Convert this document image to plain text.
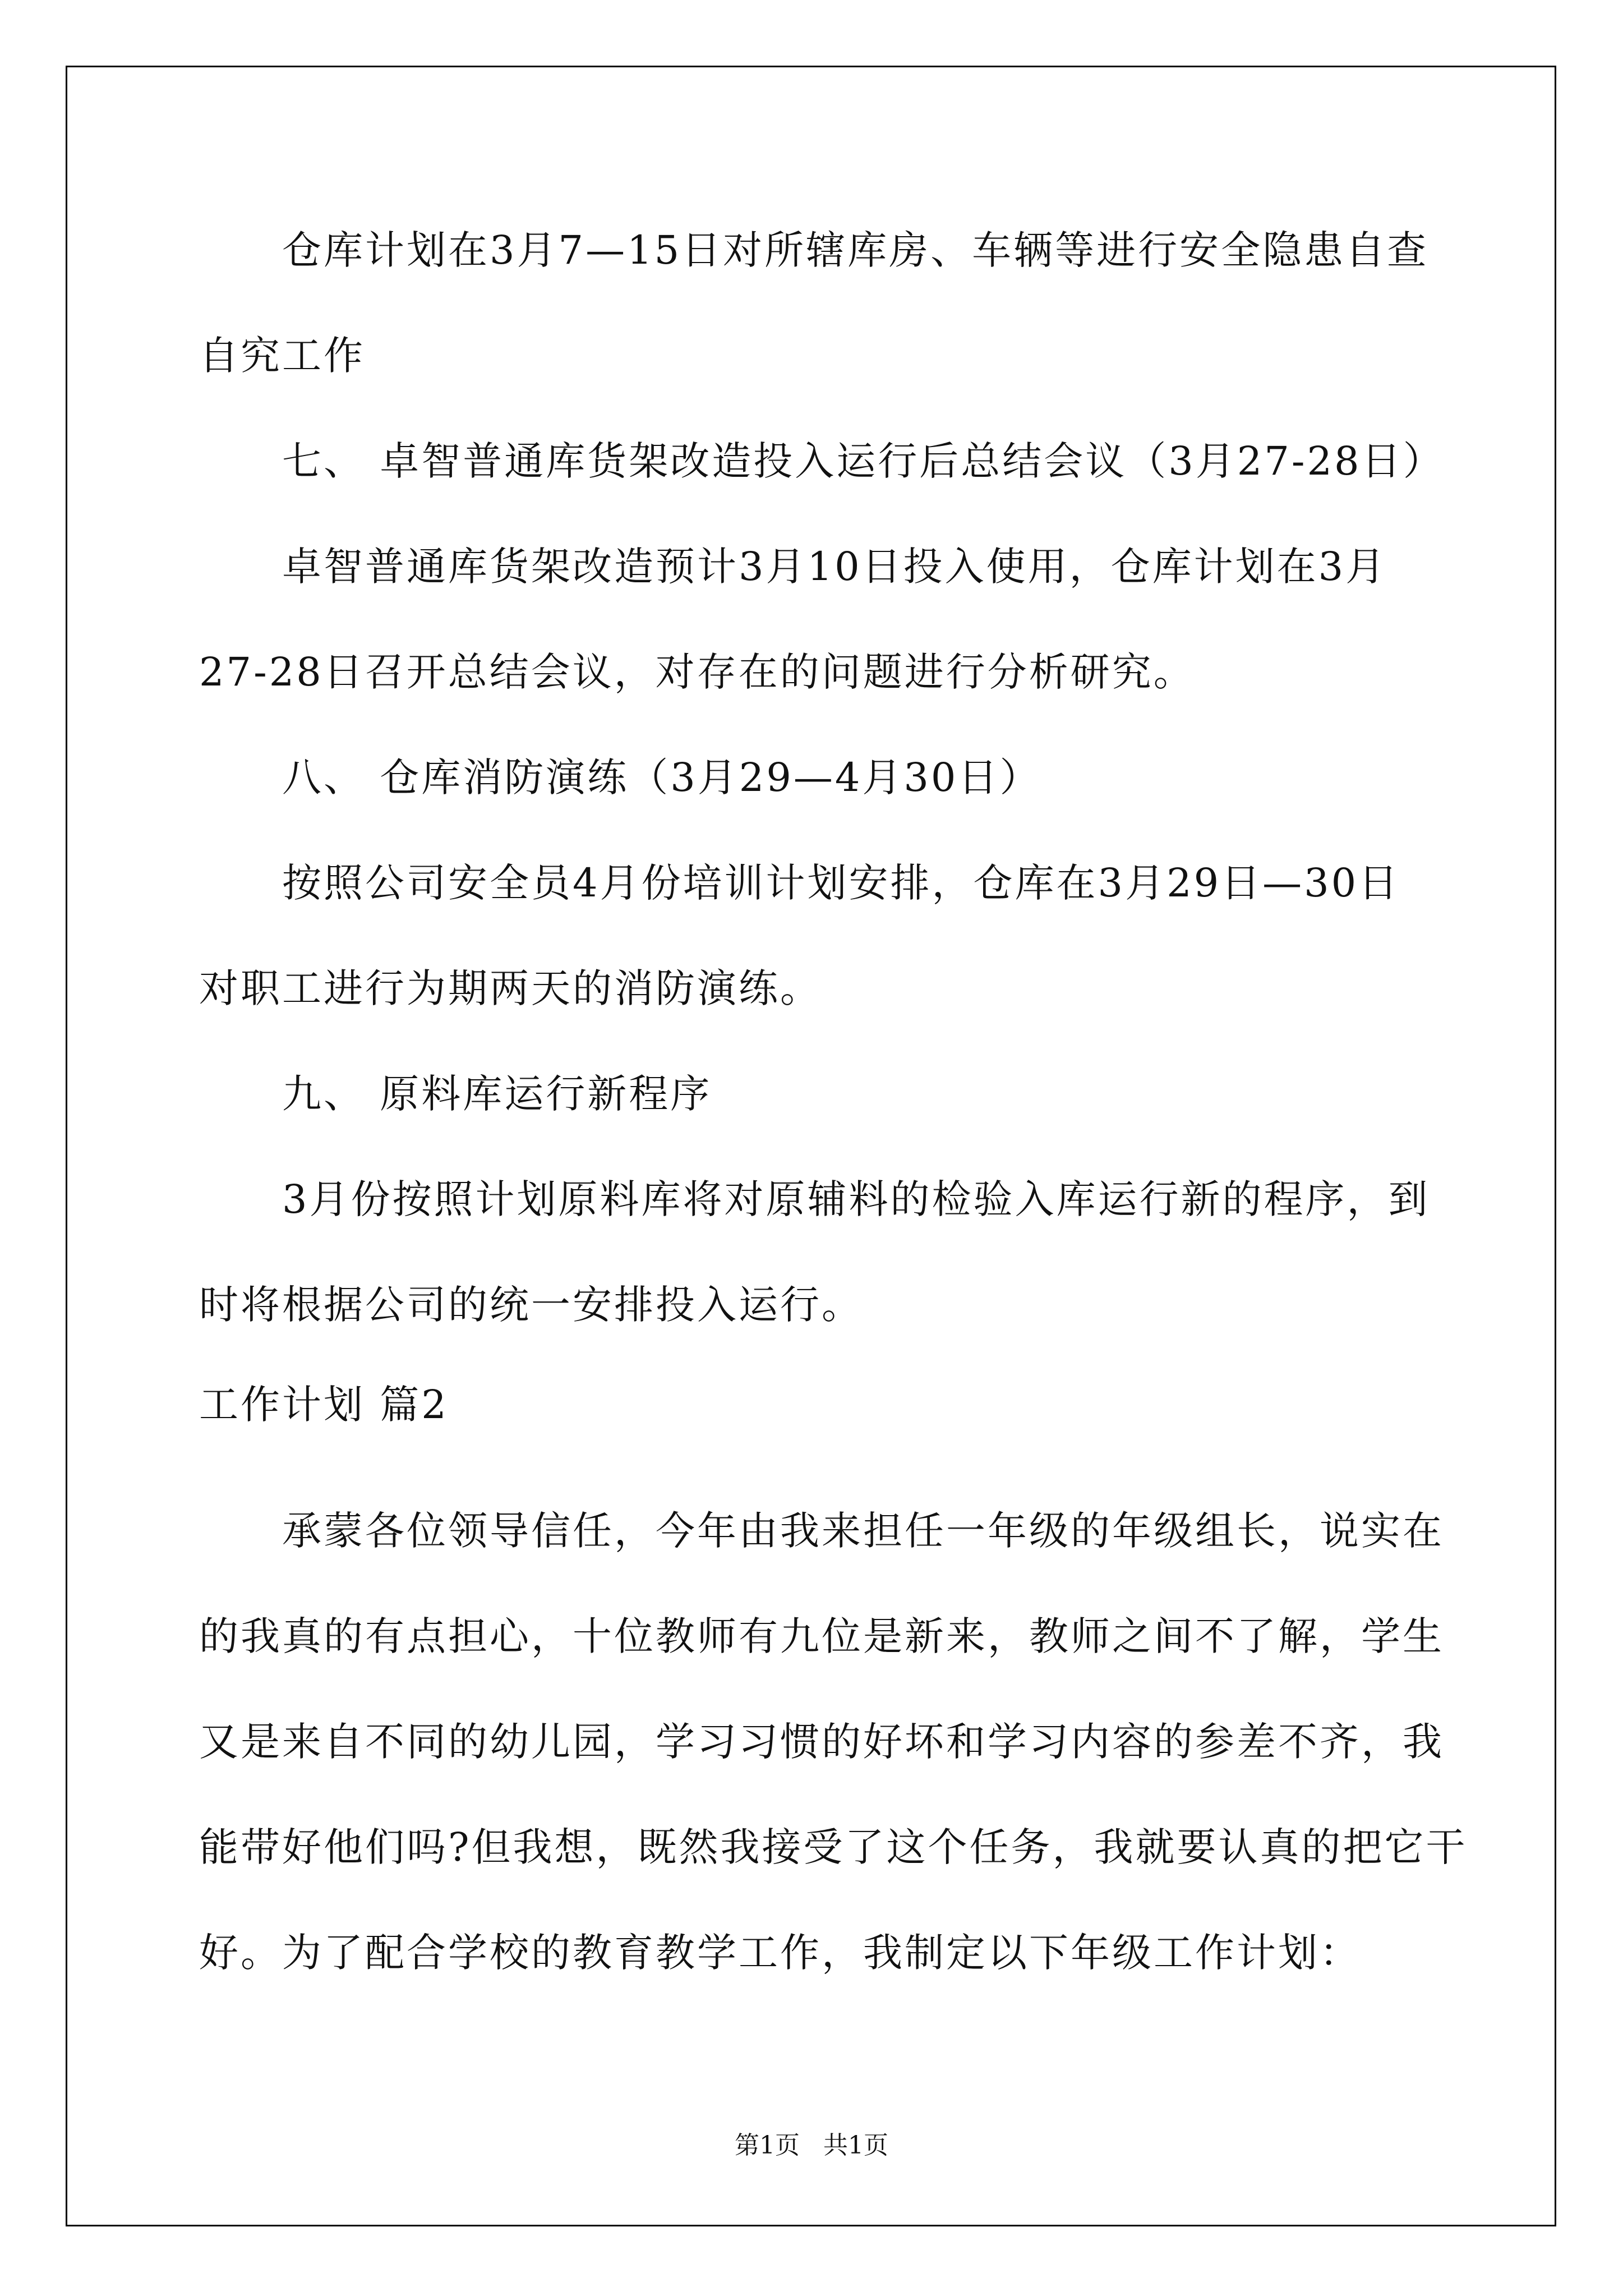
仓库计划在3月7—15日对所辖库房、车辆等进行安全隐患自查
自究工作
七、 卓智普通库货架改造投入运行后总结会议（3月27-28日）
卓智普通库货架改造预计3月10日投入使用，仓库计划在3月
27-28日召开总结会议，对存在的问题进行分析研究。
八、 仓库消防演练（3月29—4月30日）
按照公司安全员4月份培训计划安排，仓库在3月29日—30日
对职工进行为期两天的消防演练。
九、 原料库运行新程序
3月份按照计划原料库将对原辅料的检验入库运行新的程序，到
时将根据公司的统一安排投入运行。
工作计划 篇2
承蒙各位领导信任，今年由我来担任一年级的年级组长，说实在
的我真的有点担心，十位教师有九位是新来，教师之间不了解，学生
又是来自不同的幼儿园，学习习惯的好坏和学习内容的参差不齐，我
能带好他们吗?但我想，既然我接受了这个任务，我就要认真的把它干
好。为了配合学校的教育教学工作，我制定以下年级工作计划：
第1页 共1页
